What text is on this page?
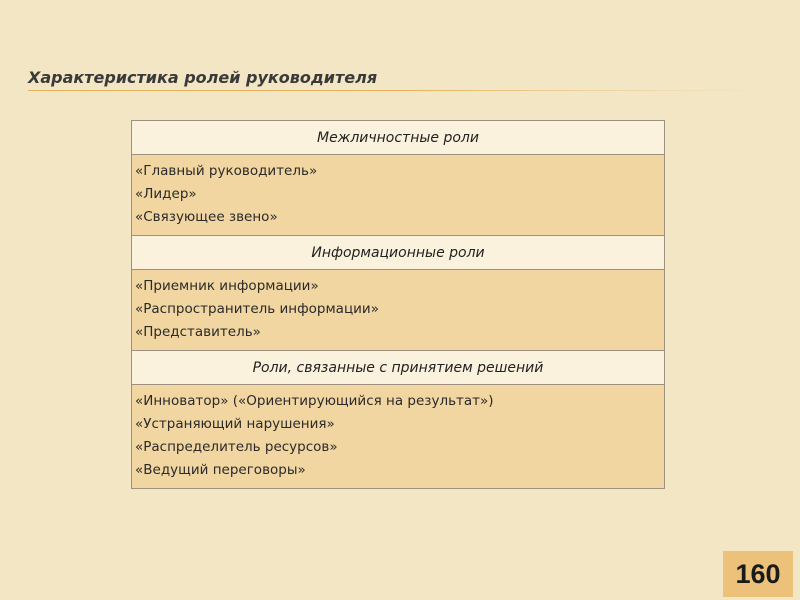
Характеристика ролей руководителя
Межличностные роли

«Главный руководитель»
«Лидер»
«Связующее звено»

Информационные роли

«Приемник информации»
«Распространитель информации»
«Представитель»

Роли, связанные с принятием решений

«Инноватор» («Ориентирующийся на результат»)
«Устраняющий нарушения»
«Распределитель ресурсов»
«Ведущий переговоры»
160
